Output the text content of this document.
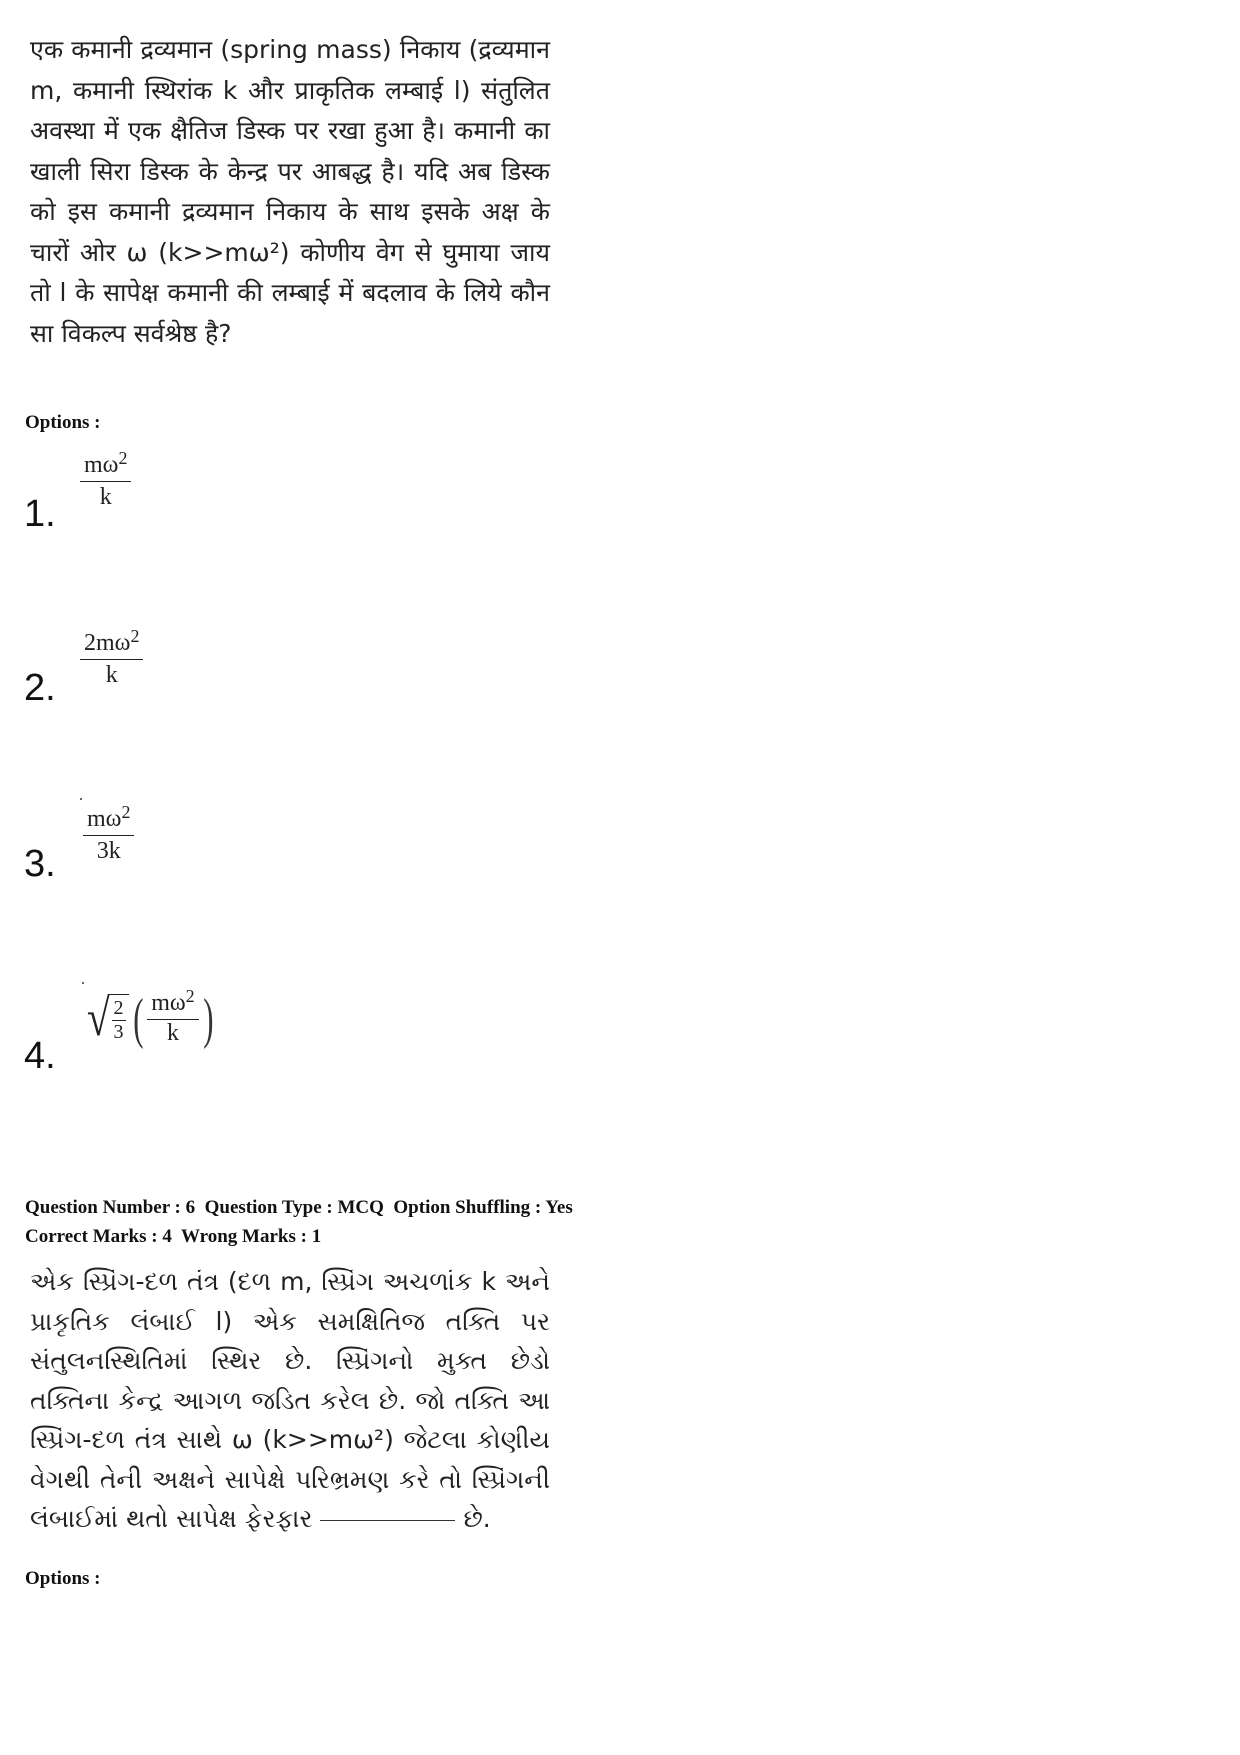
एक कमानी द्रव्यमान (spring mass) निकाय (द्रव्यमान m, कमानी स्थिरांक k और प्राकृतिक लम्बाई l) संतुलित अवस्था में एक क्षैतिज डिस्क पर रखा हुआ है। कमानी का खाली सिरा डिस्क के केन्द्र पर आबद्ध है। यदि अब डिस्क को इस कमानी द्रव्यमान निकाय के साथ इसके अक्ष के चारों ओर ω (k>>mω²) कोणीय वेग से घुमाया जाय तो l के सापेक्ष कमानी की लम्बाई में बदलाव के लिये कौन सा विकल्प सर्वश्रेष्ठ है?
Options :
1.
$\frac{m\omega^2}{k}$
2. $\frac{2m\omega^2}{k}$
3. $\frac{m\omega^2}{3k}$
4.
√
$\frac{2}{3}$ ( $\frac{m\omega^2}{k}$ )
Question Number : 6  Question Type : MCQ  Option Shuffling : Yes
Correct Marks : 4  Wrong Marks : 1
એક સ્પ્રિંગ-દળ તંત્ર (દળ m, સ્પ્રિંગ અચળાંક k અને પ્રાકૃતિક લંબાઈ l) એક સમક્ષિતિજ તક્તિ પર સંતુલનસ્થિતિમાં સ્થિર છે. સ્પ્રિંગનો મુક્ત છેડો તક્તિના કેન્દ્ર આગળ જડિત કરેલ છે. જો તક્તિ આ સ્પ્રિંગ-દળ તંત્ર સાથે ω (k>>mω²) જેટલા કોણીય વેગથી તેની અક્ષને સાપેક્ષે પરિભ્રમણ કરે તો સ્પ્રિંગની લંબાઈમાં થતો સાપેક્ષ ફેરફાર	છે.
Options :
